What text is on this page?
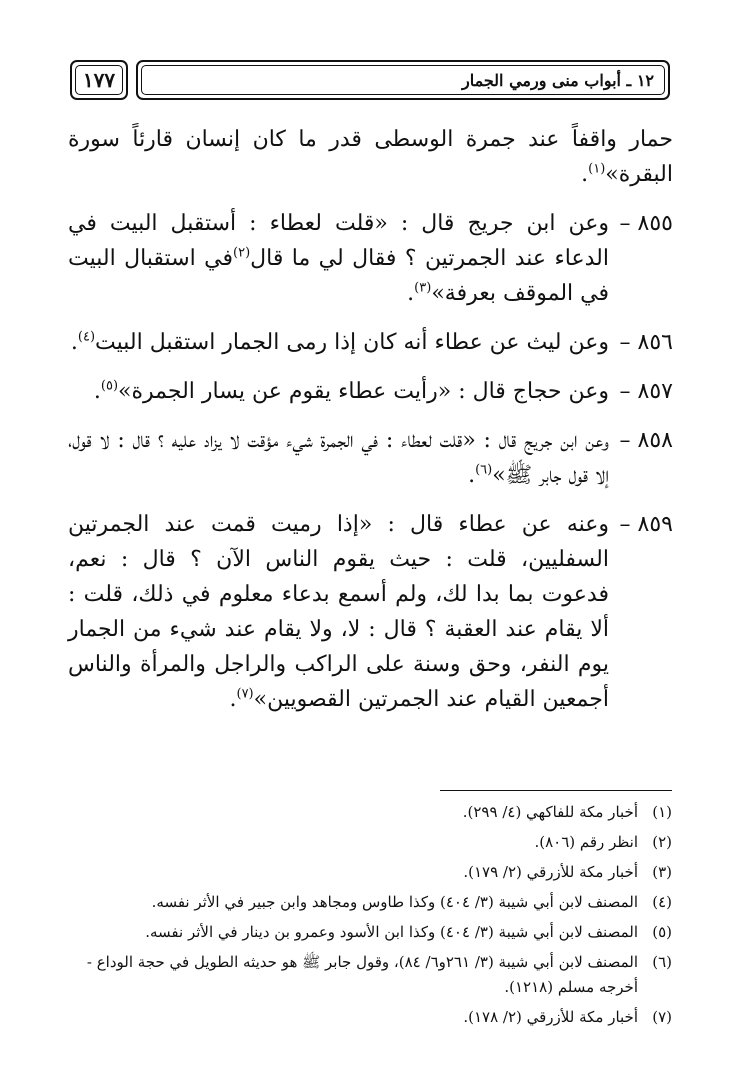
١٧٧	١٢ ـ أبواب منى ورمي الجمار

حمار واقفاً عند جمرة الوسطى قدر ما كان إنسان قارئاً سورة البقرة»$^{(١)}$.

٨٥٥ –
وعن ابن جريج قال : «قلت لعطاء : أستقبل البيت في الدعاء عند الجمرتين ؟ فقال لي ما قال$^{(٢)}$في استقبال البيت في الموقف بعرفة»$^{(٣)}$.
٨٥٦ –
وعن ليث عن عطاء أنه كان إذا رمى الجمار استقبل البيت$^{(٤)}$.
٨٥٧ –
وعن حجاج قال : «رأيت عطاء يقوم عن يسار الجمرة»$^{(٥)}$.
٨٥٨ –
وعن ابن جريج قال : «قلت لعطاء : في الجمرة شيء مؤقت لا يزاد عليه ؟ قال : لا قول، إلا قول جابر ﷺ»$^{(٦)}$.
٨٥٩ –
وعنه عن عطاء قال : «إذا رميت قمت عند الجمرتين السفليين، قلت : حيث يقوم الناس الآن ؟ قال : نعم، فدعوت بما بدا لك، ولم أسمع بدعاء معلوم في ذلك، قلت : ألا يقام عند العقبة ؟ قال : لا، ولا يقام عند شيء من الجمار يوم النفر، وحق وسنة على الراكب والراجل والمرأة والناس أجمعين القيام عند الجمرتين القصويين»$^{(٧)}$.
(١)
أخبار مكة للفاكهي (٤/ ٢٩٩).
(٢)
انظر رقم (٨٠٦).
(٣)
أخبار مكة للأزرقي (٢/ ١٧٩).
(٤)
المصنف لابن أبي شيبة (٣/ ٤٠٤) وكذا طاوس ومجاهد وابن جبير في الأثر نفسه.
(٥)
المصنف لابن أبي شيبة (٣/ ٤٠٤) وكذا ابن الأسود وعمرو بن دينار في الأثر نفسه.
(٦)
المصنف لابن أبي شيبة (٣/ ٢٦١و٦/ ٨٤)، وقول جابر ﷺ هو حديثه الطويل في حجة الوداع - أخرجه مسلم (١٢١٨).
(٧)
أخبار مكة للأزرقي (٢/ ١٧٨).
